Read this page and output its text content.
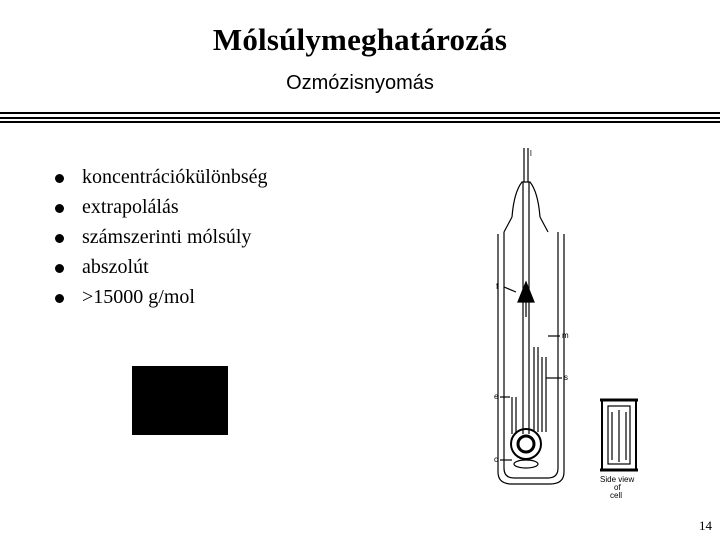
Mólsúlymeghatározás
Ozmózisnyomás
koncentrációkülönbség
extrapolálás
számszerinti mólsúly
abszolút
>15000 g/mol
l
f
m
s
e
c
Side view
of
cell
14
